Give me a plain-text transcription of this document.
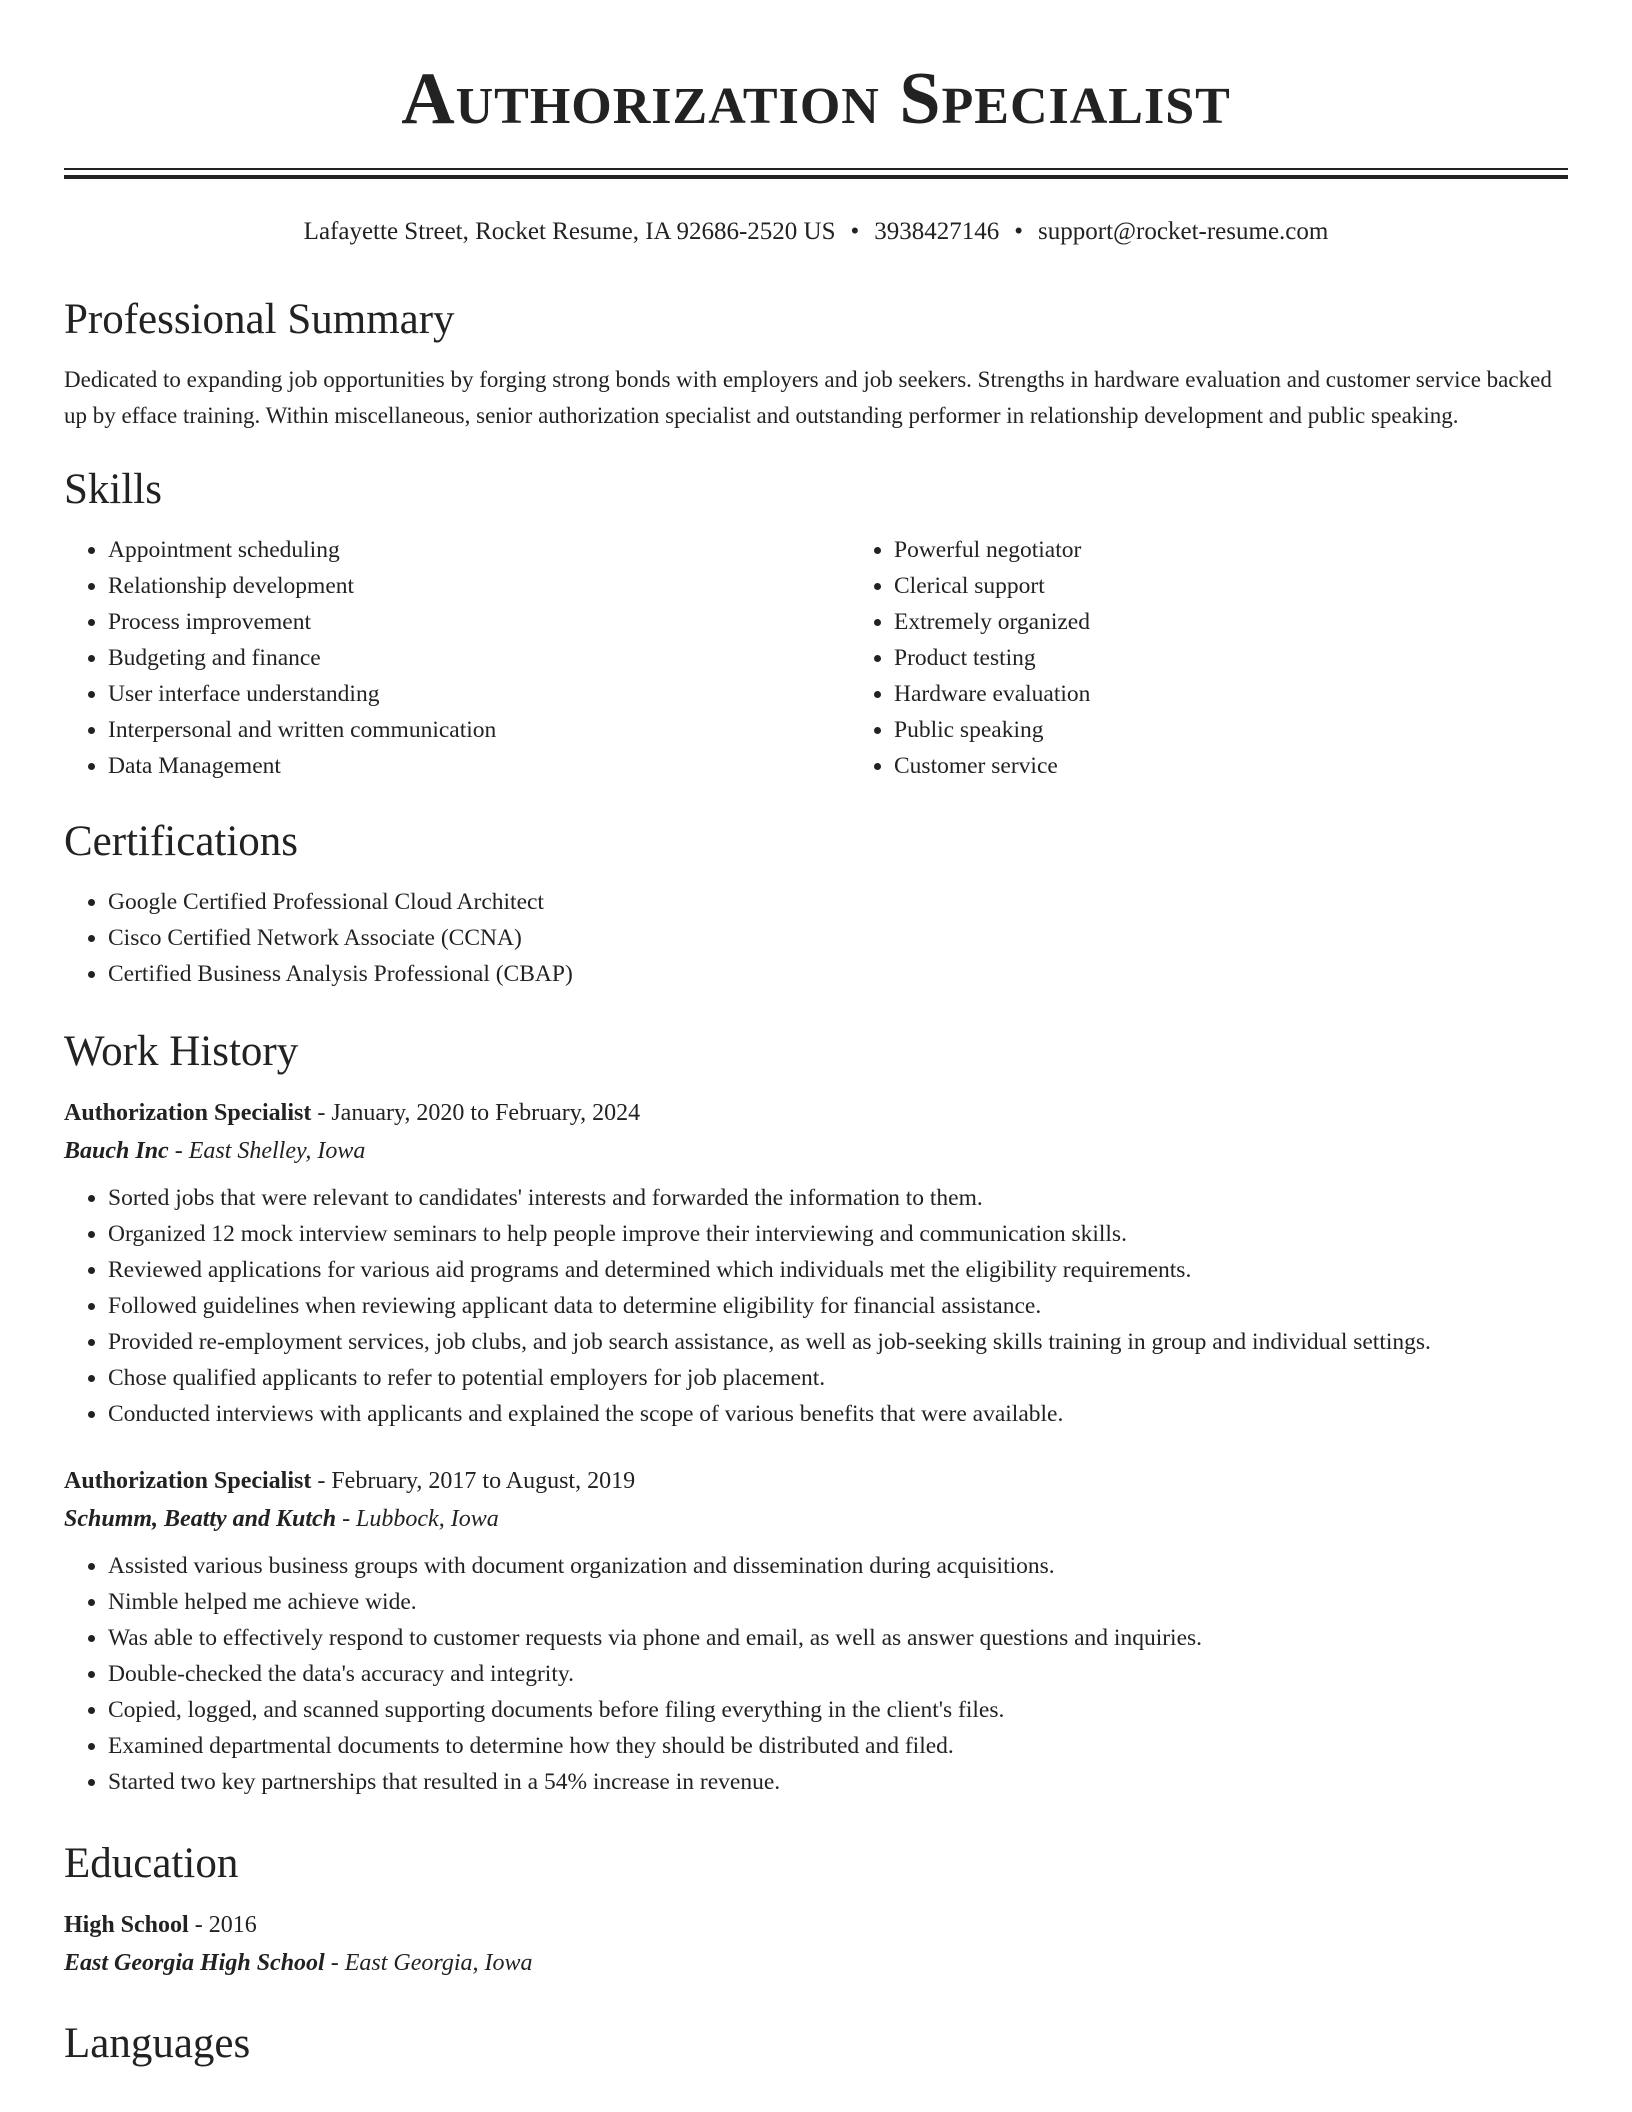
Authorization Specialist
Lafayette Street, Rocket Resume, IA 92686-2520 US • 3938427146 • support@rocket-resume.com
Professional Summary

Dedicated to expanding job opportunities by forging strong bonds with employers and job seekers. Strengths in hardware evaluation and customer service backed up by efface training. Within miscellaneous, senior authorization specialist and outstanding performer in relationship development and public speaking.

Skills
• Appointment scheduling
• Relationship development
• Process improvement
• Budgeting and finance
• User interface understanding
• Interpersonal and written communication
• Data Management
• Powerful negotiator
• Clerical support
• Extremely organized
• Product testing
• Hardware evaluation
• Public speaking
• Customer service
Certifications
• Google Certified Professional Cloud Architect
• Cisco Certified Network Associate (CCNA)
• Certified Business Analysis Professional (CBAP)
Work History
Authorization Specialist - January, 2020 to February, 2024
Bauch Inc - East Shelley, Iowa
• Sorted jobs that were relevant to candidates' interests and forwarded the information to them.
• Organized 12 mock interview seminars to help people improve their interviewing and communication skills.
• Reviewed applications for various aid programs and determined which individuals met the eligibility requirements.
• Followed guidelines when reviewing applicant data to determine eligibility for financial assistance.
• Provided re-employment services, job clubs, and job search assistance, as well as job-seeking skills training in group and individual settings.
• Chose qualified applicants to refer to potential employers for job placement.
• Conducted interviews with applicants and explained the scope of various benefits that were available.
Authorization Specialist - February, 2017 to August, 2019
Schumm, Beatty and Kutch - Lubbock, Iowa
• Assisted various business groups with document organization and dissemination during acquisitions.
• Nimble helped me achieve wide.
• Was able to effectively respond to customer requests via phone and email, as well as answer questions and inquiries.
• Double-checked the data's accuracy and integrity.
• Copied, logged, and scanned supporting documents before filing everything in the client's files.
• Examined departmental documents to determine how they should be distributed and filed.
• Started two key partnerships that resulted in a 54% increase in revenue.
Education
High School - 2016
East Georgia High School - East Georgia, Iowa
Languages
